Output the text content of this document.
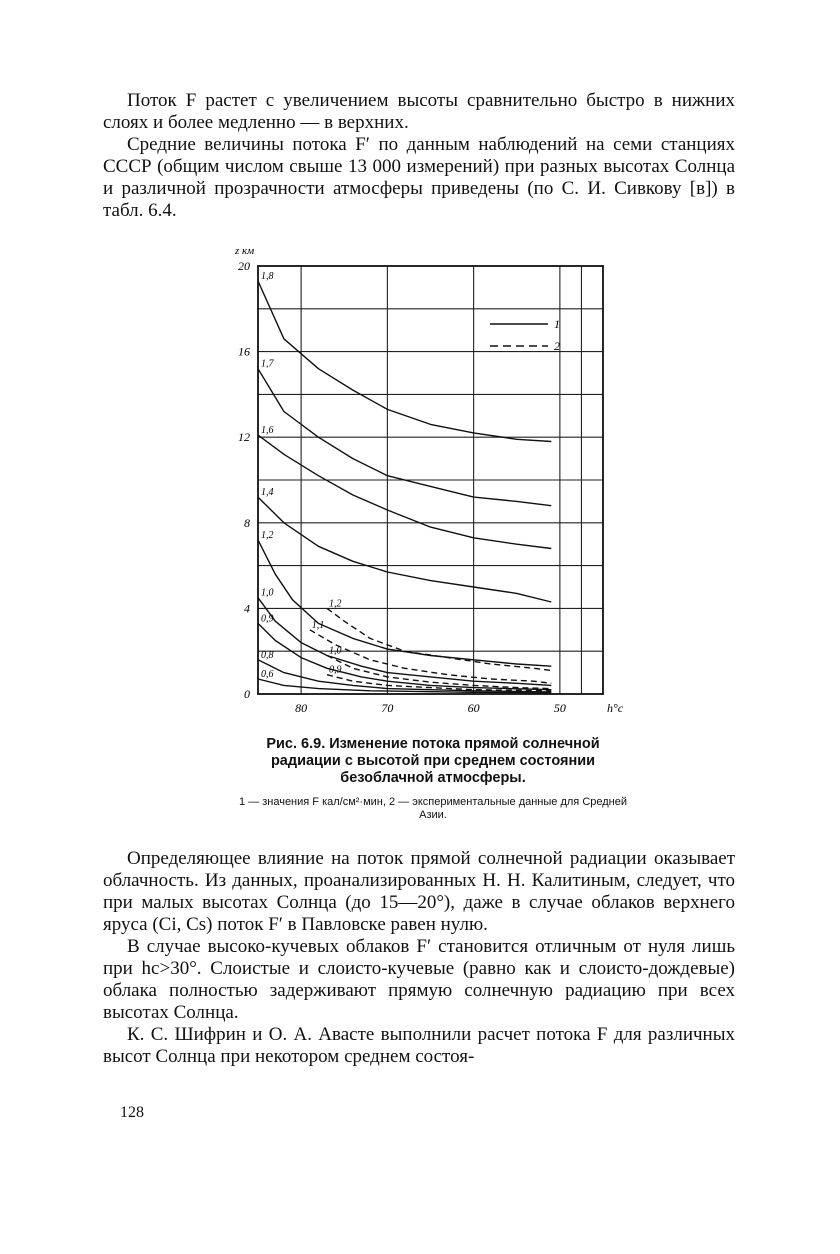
Поток F растет с увеличением высоты сравнительно быстро в нижних слоях и более медленно — в верхних.

Средние величины потока F′ по данным наблюдений на семи станциях СССР (общим числом свыше 13 000 измерений) при разных высотах Солнца и различной прозрачности атмосферы приведены (по С. И. Сивкову [в]) в табл. 6.4.

0
4
8
12
16
20
80	70	60	50
z км
h°c
1,8
1,7
1,6
1,4
1,2
1,0
0,9
0,8
0,6
1,2
1,1
1,0
0,9
1
2

Рис. 6.9. Изменение потока прямой солнечной радиации с высотой при среднем состоянии безоблачной атмосферы.

1 — значения F кал/см²·мин, 2 — экспериментальные данные для Средней Азии.

Определяющее влияние на поток прямой солнечной радиации оказывает облачность. Из данных, проанализированных Н. Н. Калитиным, следует, что при малых высотах Солнца (до 15—20°), даже в случае облаков верхнего яруса (Ci, Cs) поток F′ в Павловске равен нулю.

В случае высоко-кучевых облаков F′ становится отличным от нуля лишь при hc>30°. Слоистые и слоисто-кучевые (равно как и слоисто-дождевые) облака полностью задерживают прямую солнечную радиацию при всех высотах Солнца.

К. С. Шифрин и О. А. Авасте выполнили расчет потока F для различных высот Солнца при некотором среднем состоя-

128
